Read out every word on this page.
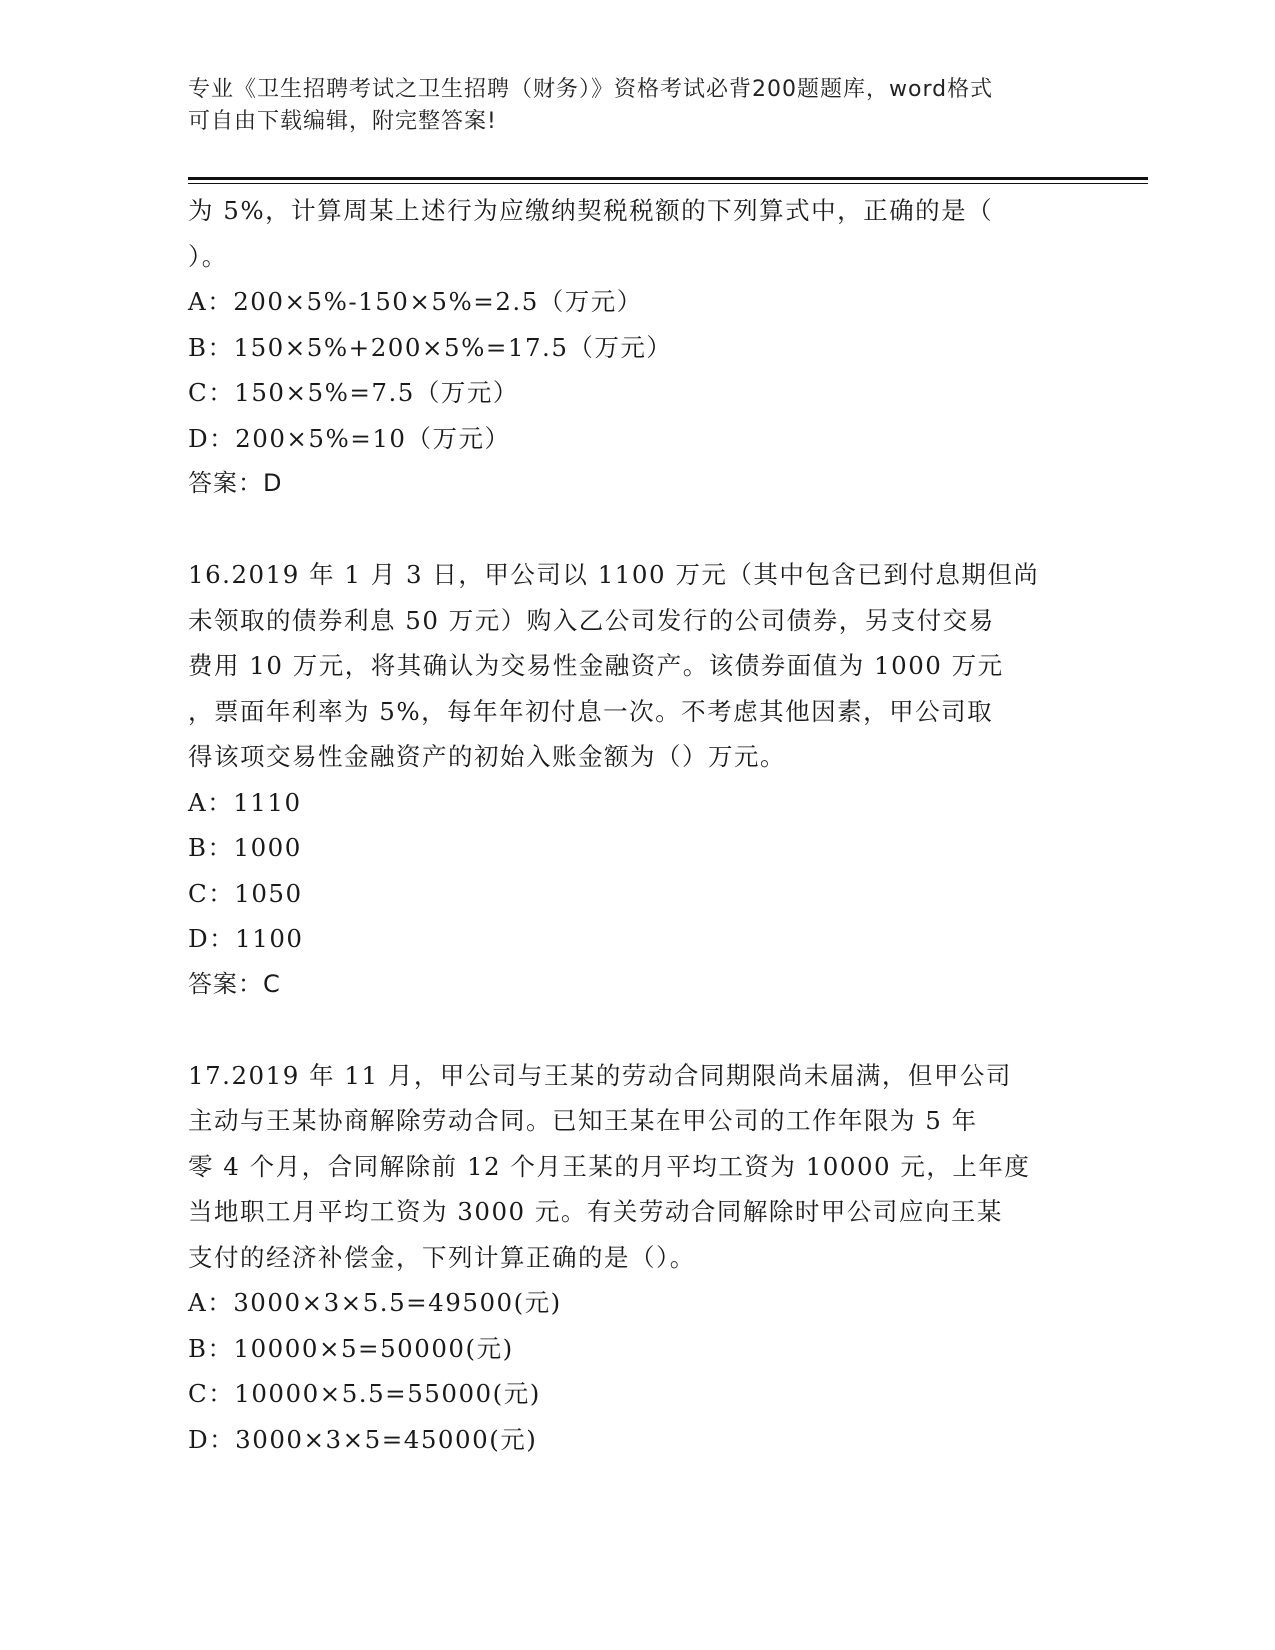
专业《卫生招聘考试之卫生招聘（财务）》资格考试必背200题题库，word格式

可自由下载编辑，附完整答案!

为 5%，计算周某上述行为应缴纳契税税额的下列算式中，正确的是（

）。

A：200×5%-150×5%=2.5（万元）

B：150×5%+200×5%=17.5（万元）

C：150×5%=7.5（万元）

D：200×5%=10（万元）

答案：D

16.2019 年 1 月 3 日，甲公司以 1100 万元（其中包含已到付息期但尚

未领取的债券利息 50 万元）购入乙公司发行的公司债券，另支付交易

费用 10 万元，将其确认为交易性金融资产。该债券面值为 1000 万元

，票面年利率为 5%，每年年初付息一次。不考虑其他因素，甲公司取

得该项交易性金融资产的初始入账金额为（）万元。

A：1110

B：1000

C：1050

D：1100

答案：C

17.2019 年 11 月，甲公司与王某的劳动合同期限尚未届满，但甲公司

主动与王某协商解除劳动合同。已知王某在甲公司的工作年限为 5 年

零 4 个月，合同解除前 12 个月王某的月平均工资为 10000 元，上年度

当地职工月平均工资为 3000 元。有关劳动合同解除时甲公司应向王某

支付的经济补偿金，下列计算正确的是（）。

A：3000×3×5.5=49500(元)

B：10000×5=50000(元)

C：10000×5.5=55000(元)

D：3000×3×5=45000(元)
